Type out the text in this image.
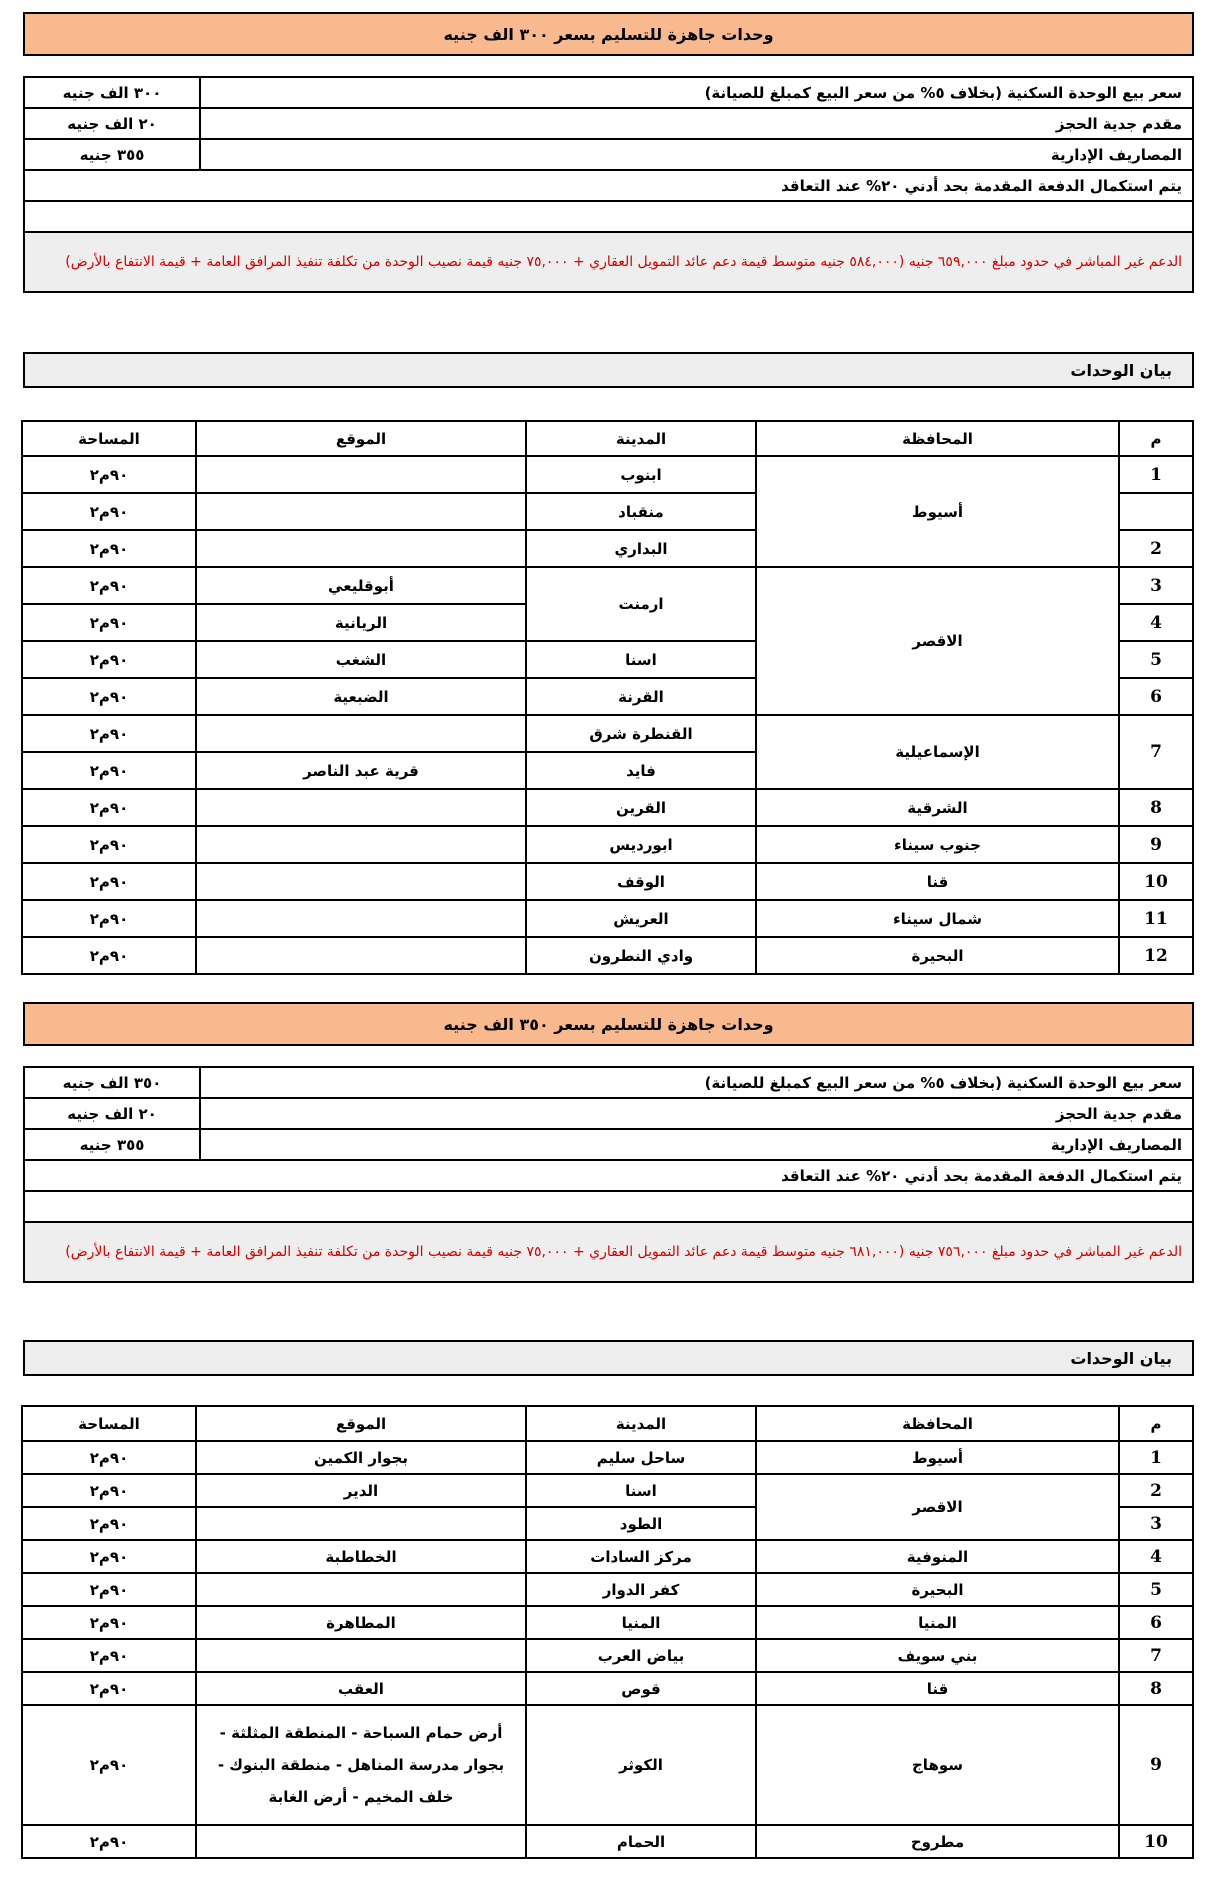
وحدات جاهزة للتسليم بسعر ٣٠٠ الف جنيه
سعر بيع الوحدة السكنية (بخلاف ٥% من سعر البيع كمبلغ للصيانة)	٣٠٠ الف جنيه
مقدم جدية الحجز	٢٠ الف جنيه
المصاريف الإدارية	٣٥٥ جنيه
يتم استكمال الدفعة المقدمة بحد أدني ٢٠% عند التعاقد	

الدعم غير المباشر في حدود مبلغ ٦٥٩,٠٠٠ جنيه (٥٨٤,٠٠٠ جنيه متوسط قيمة دعم عائد التمويل العقاري + ٧٥,٠٠٠ جنيه قيمة نصيب الوحدة من تكلفة تنفيذ المرافق العامة + قيمة الانتفاع بالأرض)	
بيان الوحدات
م	المحافظة	المدينة	الموقع	المساحة
1	أسيوط	ابنوب		٩٠م٢
		منقباد		٩٠م٢
2		البداري		٩٠م٢
3	الاقصر	ارمنت	أبوقليعي	٩٠م٢
4			الريانية	٩٠م٢
5		اسنا	الشغب	٩٠م٢
6		القرنة	الضبعية	٩٠م٢
7	الإسماعيلية	القنطرة شرق		٩٠م٢
		فايد	قرية عبد الناصر	٩٠م٢
8	الشرقية	القرين		٩٠م٢
9	جنوب سيناء	ابورديس		٩٠م٢
10	قنا	الوقف		٩٠م٢
11	شمال سيناء	العريش		٩٠م٢
12	البحيرة	وادي النطرون		٩٠م٢
وحدات جاهزة للتسليم بسعر ٣٥٠ الف جنيه
سعر بيع الوحدة السكنية (بخلاف ٥% من سعر البيع كمبلغ للصيانة)	٣٥٠ الف جنيه
مقدم جدية الحجز	٢٠ الف جنيه
المصاريف الإدارية	٣٥٥ جنيه
يتم استكمال الدفعة المقدمة بحد أدني ٢٠% عند التعاقد	

الدعم غير المباشر في حدود مبلغ ٧٥٦,٠٠٠ جنيه (٦٨١,٠٠٠ جنيه متوسط قيمة دعم عائد التمويل العقاري + ٧٥,٠٠٠ جنيه قيمة نصيب الوحدة من تكلفة تنفيذ المرافق العامة + قيمة الانتفاع بالأرض)	
بيان الوحدات
م	المحافظة	المدينة	الموقع	المساحة
1	أسيوط	ساحل سليم	بجوار الكمين	٩٠م٢
2	الاقصر	اسنا	الدير	٩٠م٢
3		الطود		٩٠م٢
4	المنوفية	مركز السادات	الخطاطبة	٩٠م٢
5	البحيرة	كفر الدوار		٩٠م٢
6	المنيا	المنيا	المطاهرة	٩٠م٢
7	بني سويف	بياض العرب		٩٠م٢
8	قنا	قوص	العقب	٩٠م٢
9	سوهاج	الكوثر	أرض حمام السباحة - المنطقة المثلثة - بجوار مدرسة المناهل - منطقة البنوك - خلف المخيم - أرض الغابة	٩٠م٢
10	مطروح	الحمام		٩٠م٢
